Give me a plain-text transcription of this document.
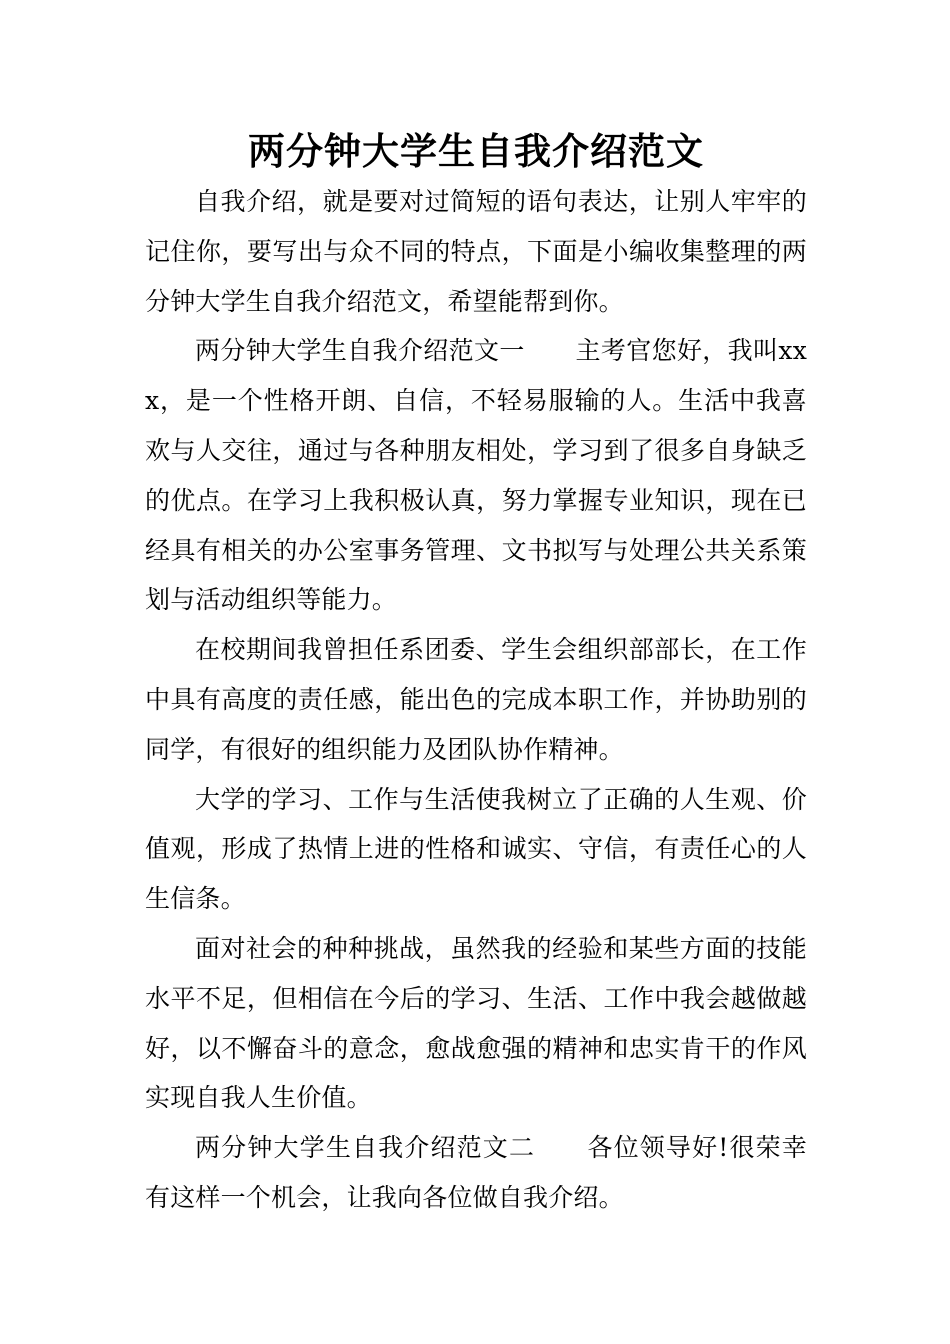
两分钟大学生自我介绍范文

自我介绍，就是要对过简短的语句表达，让别人牢牢的记住你，要写出与众不同的特点，下面是小编收集整理的两分钟大学生自我介绍范文，希望能帮到你。

两分钟大学生自我介绍范文一　　主考官您好，我叫xxx，是一个性格开朗、自信，不轻易服输的人。生活中我喜欢与人交往，通过与各种朋友相处，学习到了很多自身缺乏的优点。在学习上我积极认真，努力掌握专业知识，现在已经具有相关的办公室事务管理、文书拟写与处理公共关系策划与活动组织等能力。

在校期间我曾担任系团委、学生会组织部部长，在工作中具有高度的责任感，能出色的完成本职工作，并协助别的同学，有很好的组织能力及团队协作精神。

大学的学习、工作与生活使我树立了正确的人生观、价值观，形成了热情上进的性格和诚实、守信，有责任心的人生信条。

面对社会的种种挑战，虽然我的经验和某些方面的技能水平不足，但相信在今后的学习、生活、工作中我会越做越好，以不懈奋斗的意念，愈战愈强的精神和忠实肯干的作风实现自我人生价值。

两分钟大学生自我介绍范文二　　各位领导好!很荣幸有这样一个机会，让我向各位做自我介绍。
